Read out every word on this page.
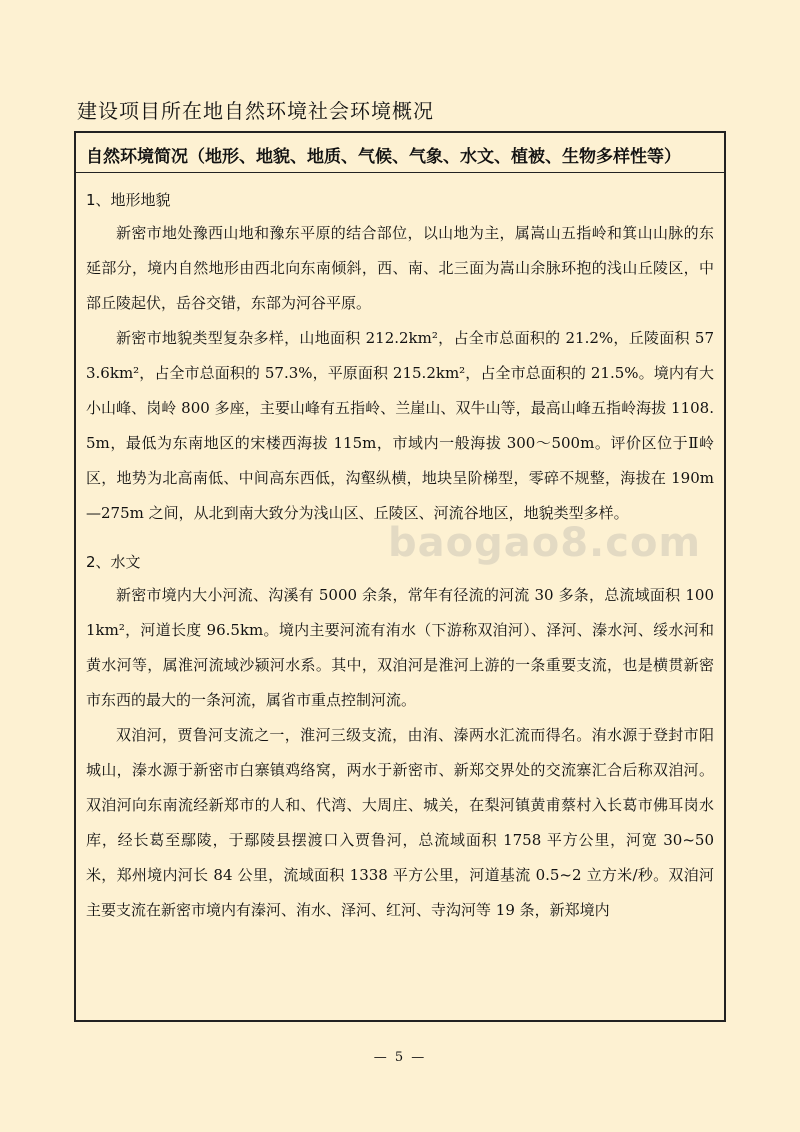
建设项目所在地自然环境社会环境概况
自然环境简况（地形、地貌、地质、气候、气象、水文、植被、生物多样性等）
1、地形地貌

新密市地处豫西山地和豫东平原的结合部位，以山地为主，属嵩山五指岭和箕山山脉的东延部分，境内自然地形由西北向东南倾斜，西、南、北三面为嵩山余脉环抱的浅山丘陵区，中部丘陵起伏，岳谷交错，东部为河谷平原。

新密市地貌类型复杂多样，山地面积 212.2km²，占全市总面积的 21.2%，丘陵面积 573.6km²，占全市总面积的 57.3%，平原面积 215.2km²，占全市总面积的 21.5%。境内有大小山峰、岗岭 800 多座，主要山峰有五指岭、兰崖山、双牛山等，最高山峰五指岭海拔 1108.5m，最低为东南地区的宋楼西海拔 115m，市域内一般海拔 300～500m。评价区位于Ⅱ岭区，地势为北高南低、中间高东西低，沟壑纵横，地块呈阶梯型，零碎不规整，海拔在 190m—275m 之间，从北到南大致分为浅山区、丘陵区、河流谷地区，地貌类型多样。

2、水文

新密市境内大小河流、沟溪有 5000 余条，常年有径流的河流 30 多条，总流域面积 1001km²，河道长度 96.5km。境内主要河流有洧水（下游称双洎河）、泽河、溱水河、绥水河和黄水河等，属淮河流域沙颍河水系。其中，双洎河是淮河上游的一条重要支流，也是横贯新密市东西的最大的一条河流，属省市重点控制河流。

双洎河，贾鲁河支流之一，淮河三级支流，由洧、溱两水汇流而得名。洧水源于登封市阳城山，溱水源于新密市白寨镇鸡络窝，两水于新密市、新郑交界处的交流寨汇合后称双洎河。双洎河向东南流经新郑市的人和、代湾、大周庄、城关，在梨河镇黄甫蔡村入长葛市佛耳岗水库，经长葛至鄢陵，于鄢陵县摆渡口入贾鲁河，总流域面积 1758 平方公里，河宽 30~50 米，郑州境内河长 84 公里，流域面积 1338 平方公里，河道基流 0.5~2 立方米/秒。双洎河主要支流在新密市境内有溱河、洧水、泽河、红河、寺沟河等 19 条，新郑境内

baogao8.com
— 5 —
